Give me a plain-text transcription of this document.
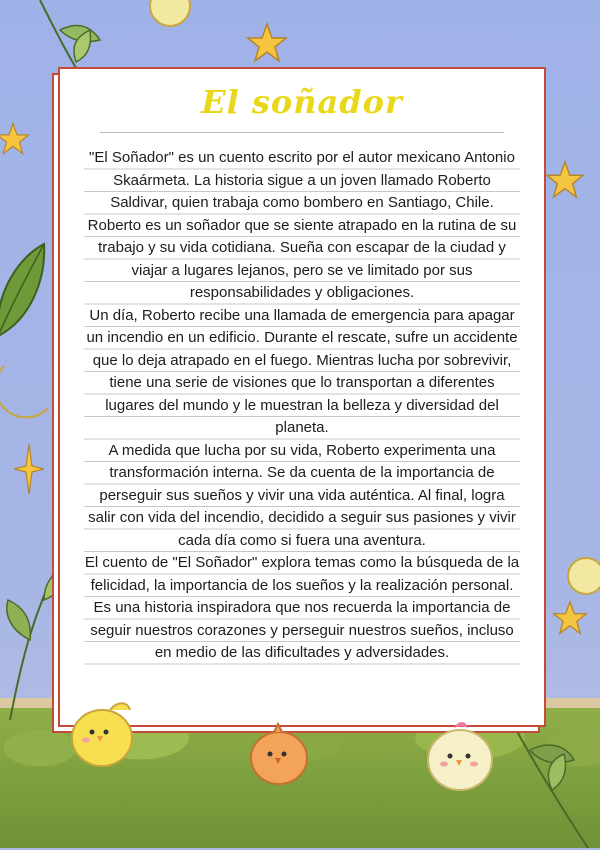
El soñador

"El Soñador" es un cuento escrito por el autor mexicano Antonio Skaármeta. La historia sigue a un joven llamado Roberto Saldivar, quien trabaja como bombero en Santiago, Chile. Roberto es un soñador que se siente atrapado en la rutina de su trabajo y su vida cotidiana. Sueña con escapar de la ciudad y viajar a lugares lejanos, pero se ve limitado por sus responsabilidades y obligaciones.

Un día, Roberto recibe una llamada de emergencia para apagar un incendio en un edificio. Durante el rescate, sufre un accidente que lo deja atrapado en el fuego. Mientras lucha por sobrevivir, tiene una serie de visiones que lo transportan a diferentes lugares del mundo y le muestran la belleza y diversidad del planeta.

A medida que lucha por su vida, Roberto experimenta una transformación interna. Se da cuenta de la importancia de perseguir sus sueños y vivir una vida auténtica. Al final, logra salir con vida del incendio, decidido a seguir sus pasiones y vivir cada día como si fuera una aventura.

El cuento de "El Soñador" explora temas como la búsqueda de la felicidad, la importancia de los sueños y la realización personal. Es una historia inspiradora que nos recuerda la importancia de seguir nuestros corazones y perseguir nuestros sueños, incluso en medio de las dificultades y adversidades.
